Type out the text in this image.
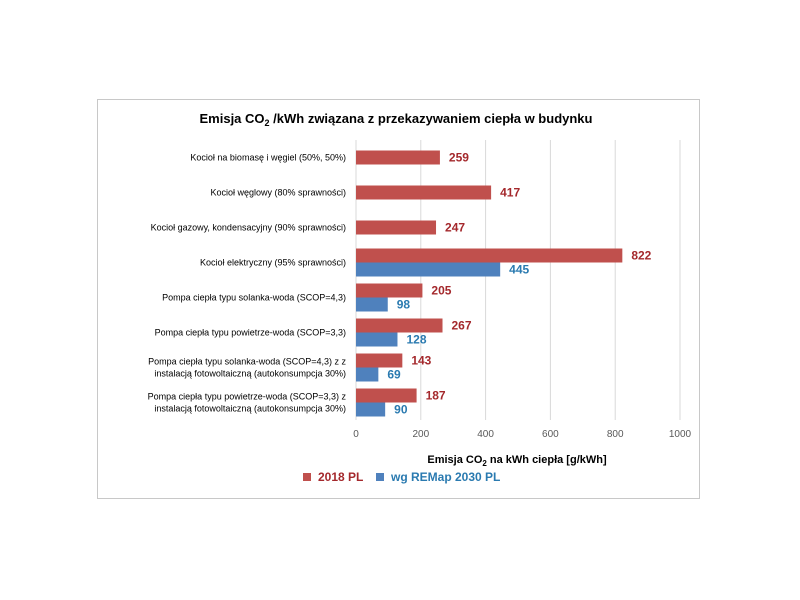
Emisja $CO_2$ /kWh związana z przekazywaniem ciepła w budynku
259
417
247
822
445
205
98
267
128
143
69
187
90
Kocioł na biomasę i węgiel (50%, 50%)
Kocioł węglowy (80% sprawności)
Kocioł gazowy, kondensacyjny (90% sprawności)
Kocioł elektryczny (95% sprawności)
Pompa ciepła typu solanka-woda (SCOP=4,3)
Pompa ciepła typu powietrze-woda (SCOP=3,3)
Pompa ciepła typu solanka-woda (SCOP=4,3) z z
instalacją fotowoltaiczną (autokonsumpcja 30%)
Pompa ciepła typu powietrze-woda (SCOP=3,3) z
instalacją fotowoltaiczną (autokonsumpcja 30%)
0	200	400	600	800	1000
Emisja $CO_2$ na kWh ciepła [g/kWh]
2018 PL wg REMap 2030 PL
